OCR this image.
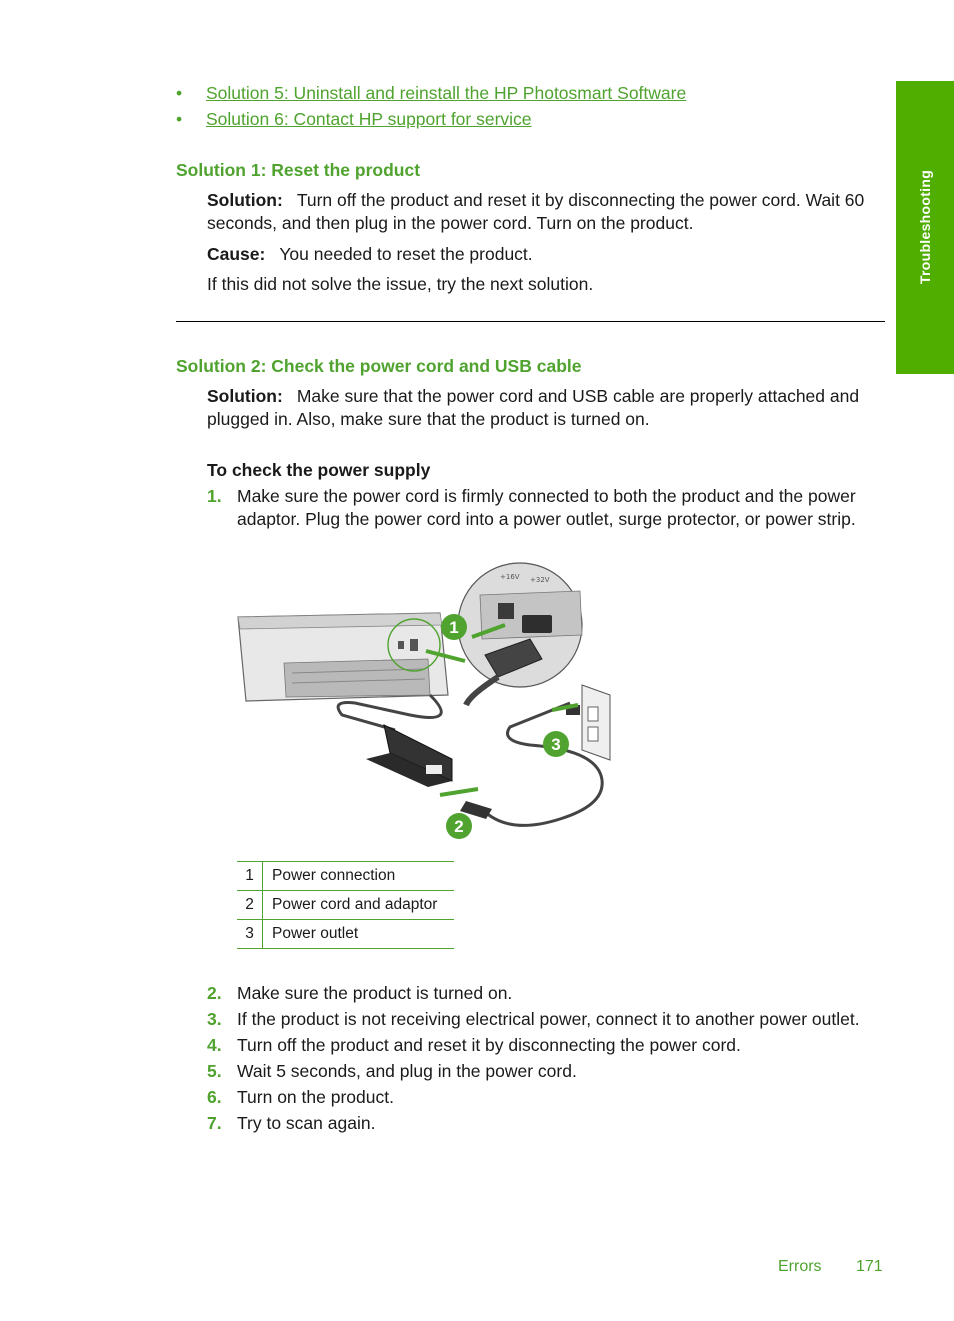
• Solution 5: Uninstall and reinstall the HP Photosmart Software
• Solution 6: Contact HP support for service
Solution 1: Reset the product

Solution: Turn off the product and reset it by disconnecting the power cord. Wait 60 seconds, and then plug in the power cord. Turn on the product.

Cause: You needed to reset the product.

If this did not solve the issue, try the next solution.

Solution 2: Check the power cord and USB cable

Solution: Make sure that the power cord and USB cable are properly attached and plugged in. Also, make sure that the product is turned on.

To check the power supply
1. Make sure the power cord is firmly connected to both the product and the power adaptor. Plug the power cord into a power outlet, surge protector, or power strip.
+16V +32V
1
2
3
1	Power connection
2	Power cord and adaptor
3	Power outlet
2. Make sure the product is turned on.
3. If the product is not receiving electrical power, connect it to another power outlet.
4. Turn off the product and reset it by disconnecting the power cord.
5. Wait 5 seconds, and plug in the power cord.
6. Turn on the product.
7. Try to scan again.
Troubleshooting
Errors 171
